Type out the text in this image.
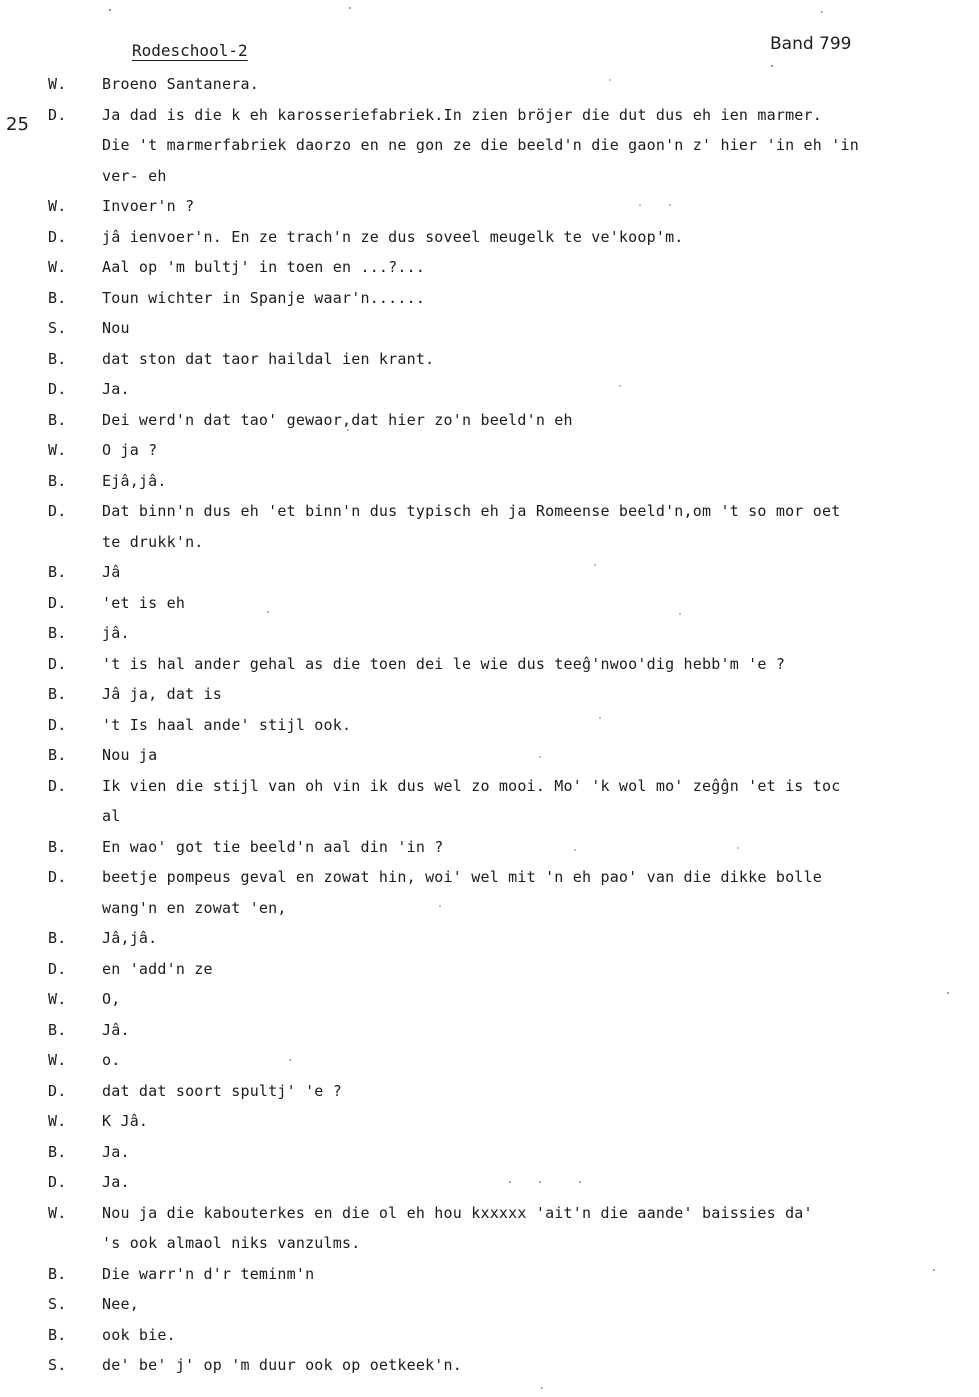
Rodeschool-2	Band 799
25
W. Broeno Santanera.
D. Ja dad is die k eh karosseriefabriek.In zien bröjer die dut dus eh ien marmer.
Die 't marmerfabriek daorzo en ne gon ze die beeld'n die gaon'n z' hier 'in eh 'in
ver- eh
W. Invoer'n ?
D. jâ ienvoer'n. En ze trach'n ze dus soveel meugelk te ve'koop'm.
W. Aal op 'm bultj' in toen en ...?...
B. Toun wichter in Spanje waar'n......
S. Nou
B. dat ston dat taor haildal ien krant.
D. Ja.
B. Dei werd'n dat tao' gewaor,dat hier zo'n beeld'n eh
W. O ja ?
B. Ejâ,jâ.
D. Dat binn'n dus eh 'et binn'n dus typisch eh ja Romeense beeld'n,om 't so mor oet
te drukk'n.
B. Jâ
D. 'et is eh
B. jâ.
D. 't is hal ander gehal as die toen dei le wie dus teeĝ'nwoo'dig hebb'm 'e ?
B. Jâ ja, dat is
D. 't Is haal ande' stijl ook.
B. Nou ja
D. Ik vien die stijl van oh vin ik dus wel zo mooi. Mo' 'k wol mo' zeĝĝn 'et is toc
al
B. En wao' got tie beeld'n aal din 'in ?
D. beetje pompeus geval en zowat hin, woi' wel mit 'n eh pao' van die dikke bolle
wang'n en zowat 'en,
B. Jâ,jâ.
D. en 'add'n ze
W. O,
B. Jâ.
W. o.
D. dat dat soort spultj' 'e ?
W. K Jâ.
B. Ja.
D. Ja.
W. Nou ja die kabouterkes en die ol eh hou kxxxxx 'ait'n die aande' baissies da'
's ook almaol niks vanzulms.
B. Die warr'n d'r teminm'n
S. Nee,
B. ook bie.
S. de' be' j' op 'm duur ook op oetkeek'n.
